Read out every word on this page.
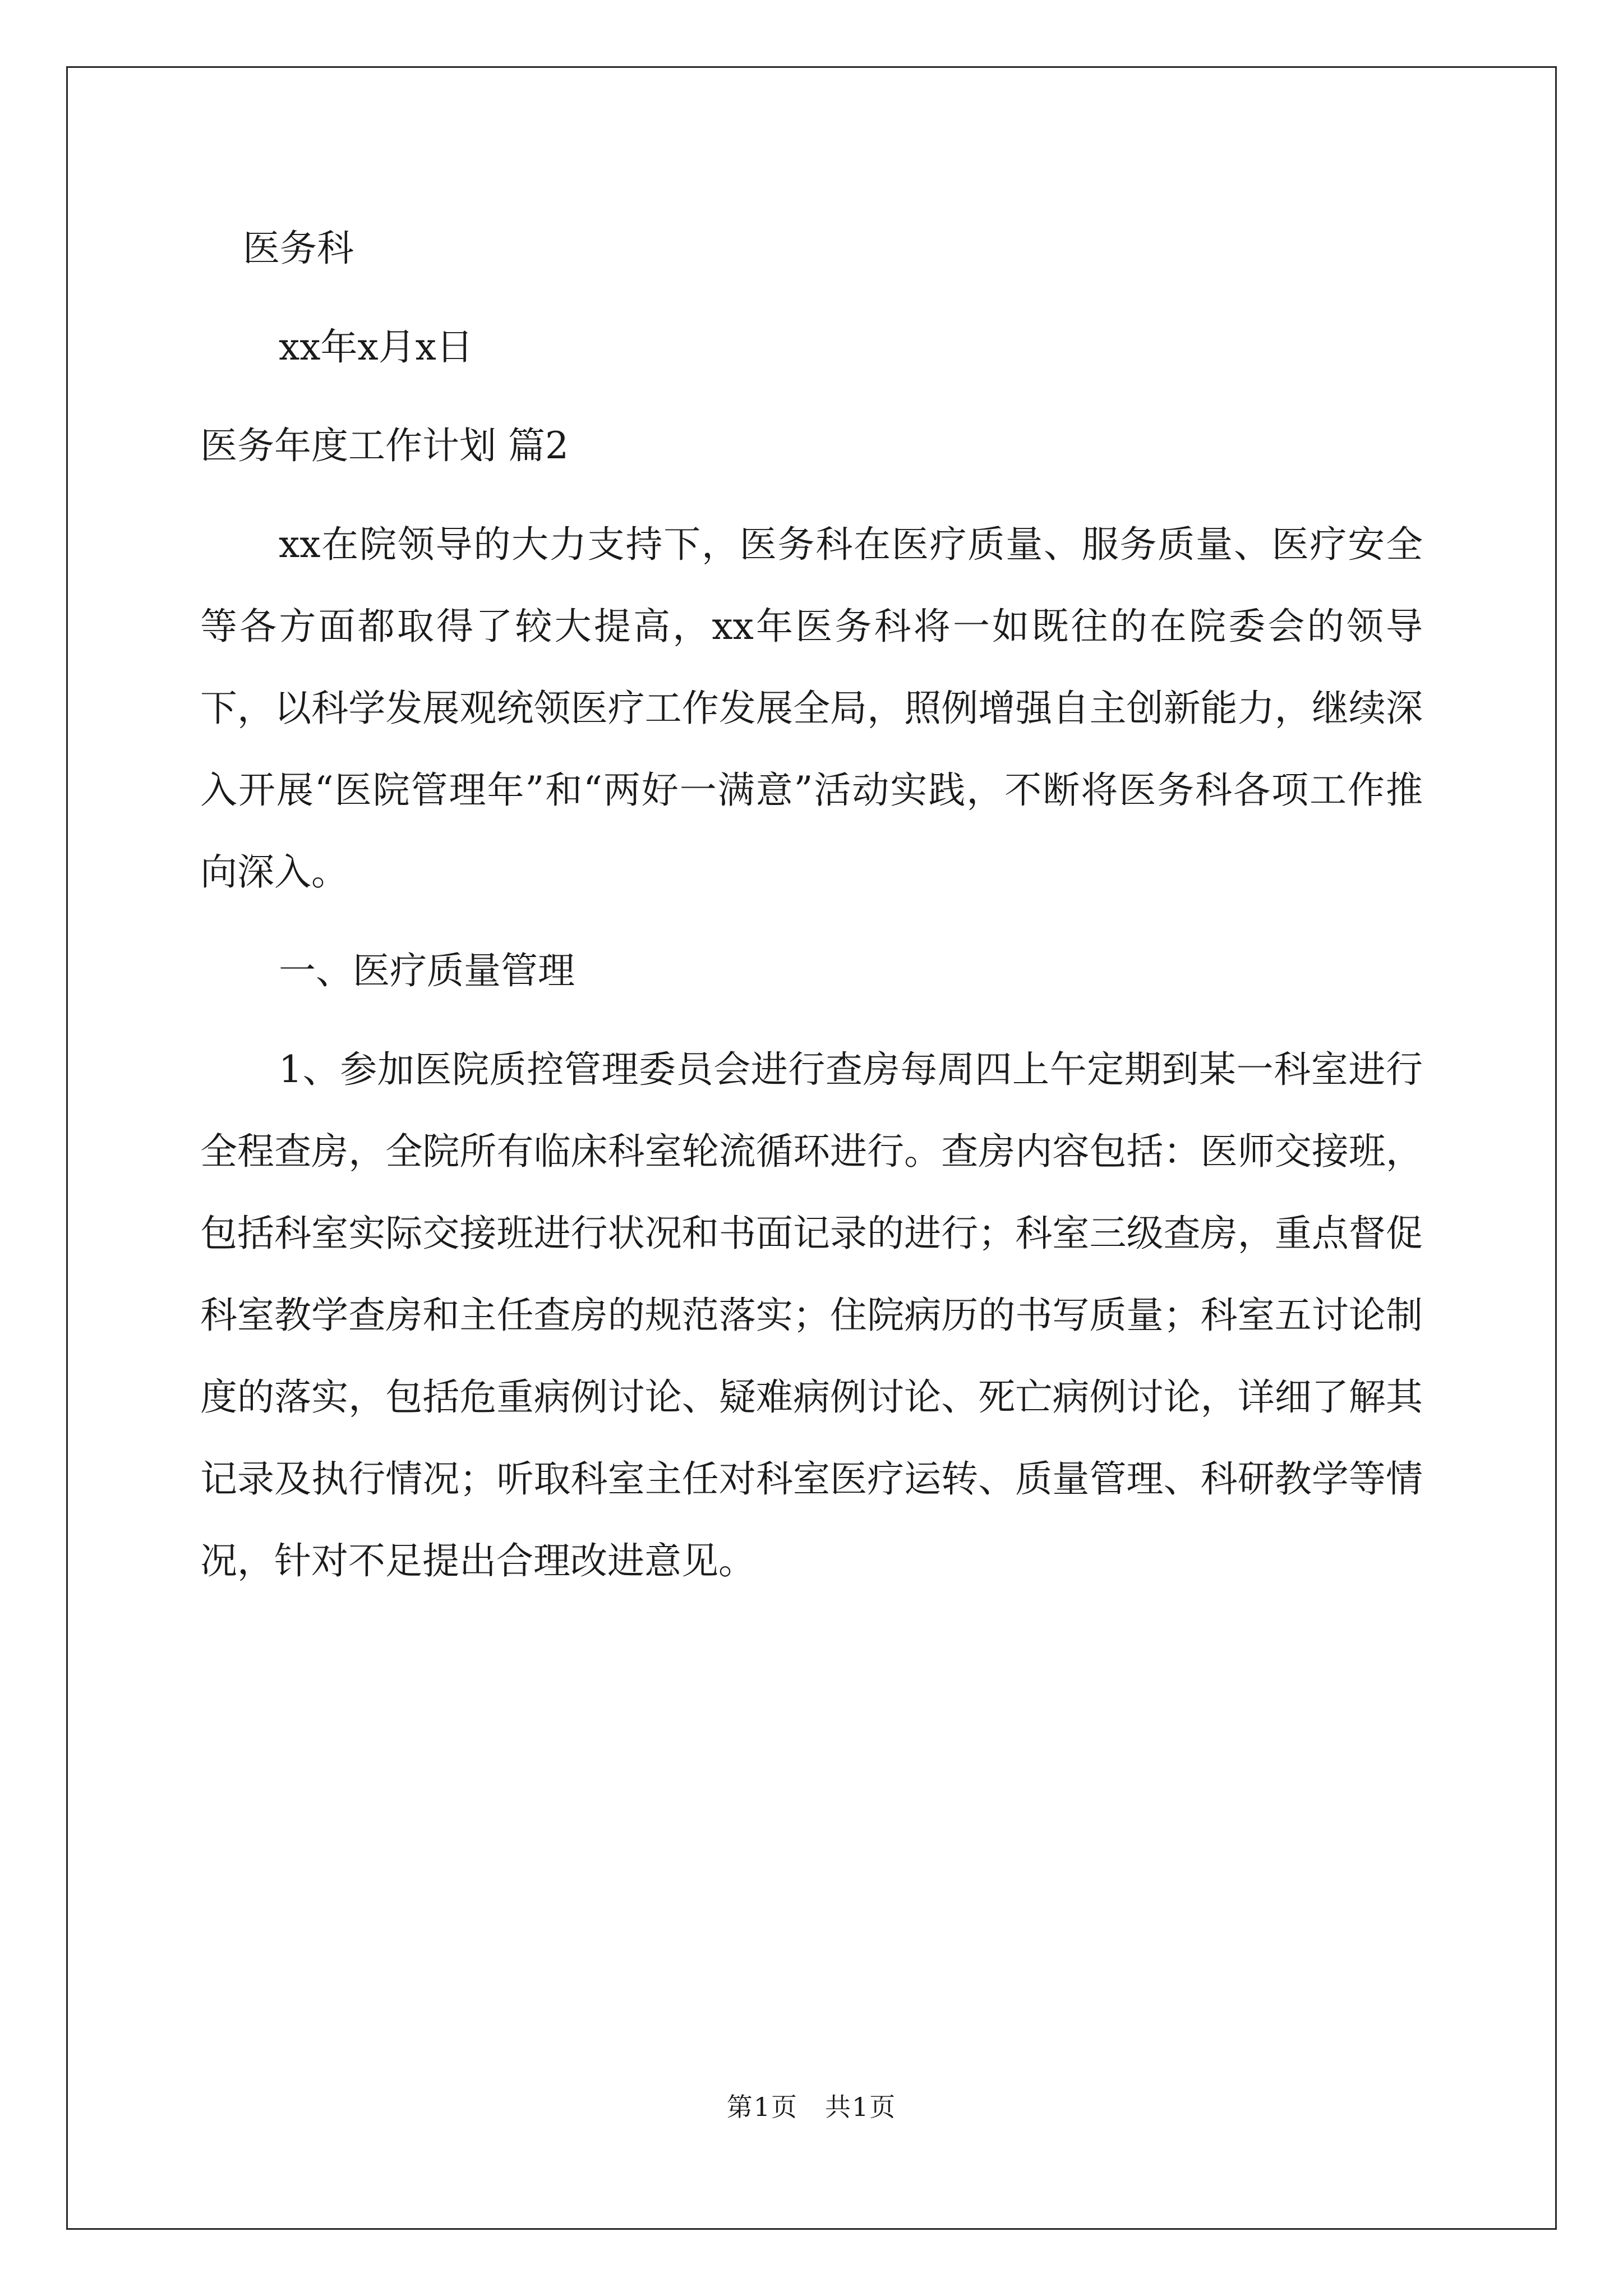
医务科

xx年x月x日

医务年度工作计划 篇2

xx在院领导的大力支持下，医务科在医疗质量、服务质量、医疗安全等各方面都取得了较大提高，xx年医务科将一如既往的在院委会的领导下，以科学发展观统领医疗工作发展全局，照例增强自主创新能力，继续深入开展“医院管理年”和“两好一满意”活动实践，不断将医务科各项工作推向深入。

一、医疗质量管理

1、参加医院质控管理委员会进行查房每周四上午定期到某一科室进行全程查房，全院所有临床科室轮流循环进行。查房内容包括：医师交接班，包括科室实际交接班进行状况和书面记录的进行；科室三级查房，重点督促科室教学查房和主任查房的规范落实；住院病历的书写质量；科室五讨论制度的落实，包括危重病例讨论、疑难病例讨论、死亡病例讨论，详细了解其记录及执行情况；听取科室主任对科室医疗运转、质量管理、科研教学等情况，针对不足提出合理改进意见。

第1页　共1页
